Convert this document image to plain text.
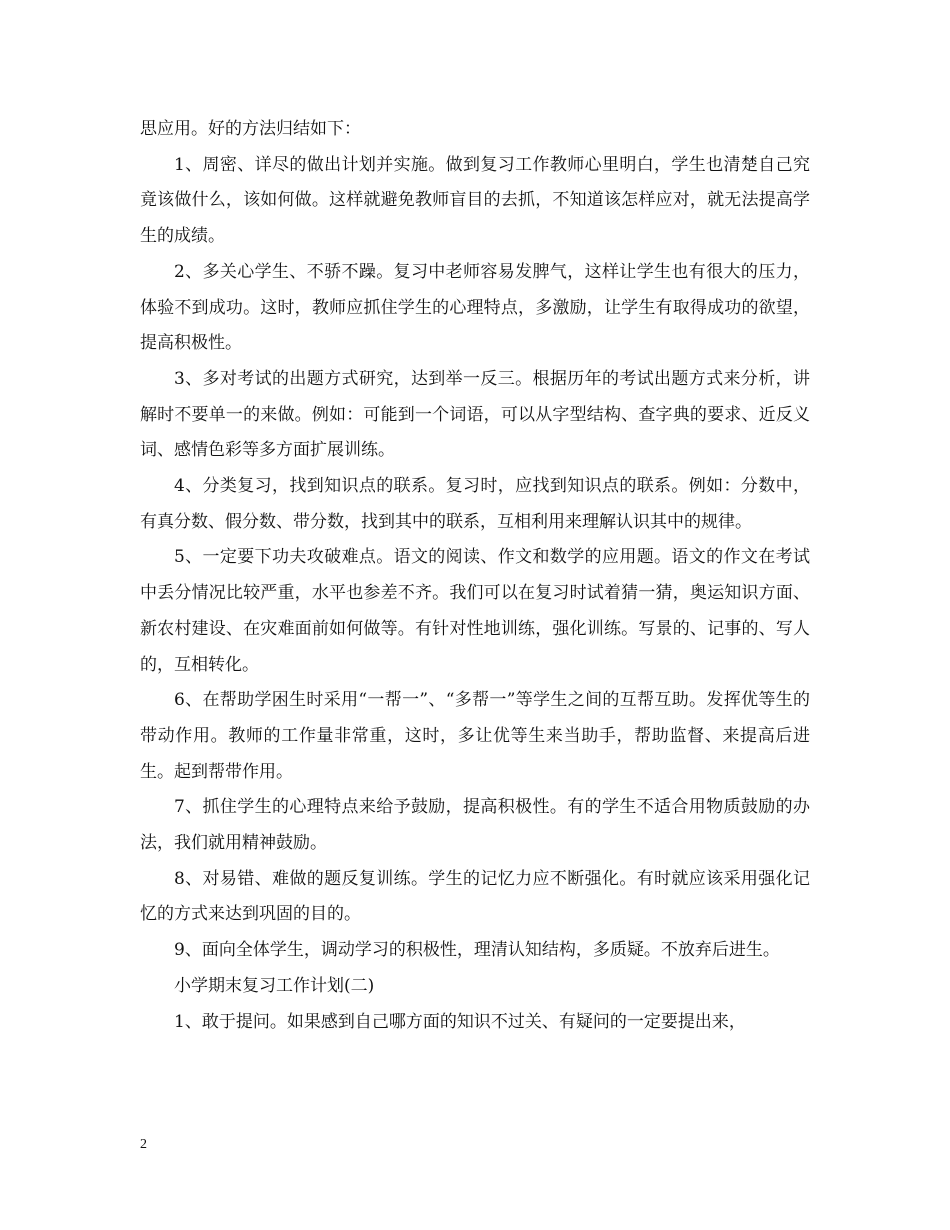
思应用。好的方法归结如下：

1、周密、详尽的做出计划并实施。做到复习工作教师心里明白，学生也清楚自己究竟该做什么，该如何做。这样就避免教师盲目的去抓，不知道该怎样应对，就无法提高学生的成绩。

2、多关心学生、不骄不躁。复习中老师容易发脾气，这样让学生也有很大的压力，体验不到成功。这时，教师应抓住学生的心理特点，多激励，让学生有取得成功的欲望，提高积极性。

3、多对考试的出题方式研究，达到举一反三。根据历年的考试出题方式来分析，讲解时不要单一的来做。例如：可能到一个词语，可以从字型结构、查字典的要求、近反义词、感情色彩等多方面扩展训练。

4、分类复习，找到知识点的联系。复习时，应找到知识点的联系。例如：分数中，有真分数、假分数、带分数，找到其中的联系，互相利用来理解认识其中的规律。

5、一定要下功夫攻破难点。语文的阅读、作文和数学的应用题。语文的作文在考试中丢分情况比较严重，水平也参差不齐。我们可以在复习时试着猜一猜，奥运知识方面、新农村建设、在灾难面前如何做等。有针对性地训练，强化训练。写景的、记事的、写人的，互相转化。

6、在帮助学困生时采用“一帮一”、“多帮一”等学生之间的互帮互助。发挥优等生的带动作用。教师的工作量非常重，这时，多让优等生来当助手，帮助监督、来提高后进生。起到帮带作用。

7、抓住学生的心理特点来给予鼓励，提高积极性。有的学生不适合用物质鼓励的办法，我们就用精神鼓励。

8、对易错、难做的题反复训练。学生的记忆力应不断强化。有时就应该采用强化记忆的方式来达到巩固的目的。

9、面向全体学生，调动学习的积极性，理清认知结构，多质疑。不放弃后进生。

小学期末复习工作计划(二)

1、敢于提问。如果感到自己哪方面的知识不过关、有疑问的一定要提出来，

2
